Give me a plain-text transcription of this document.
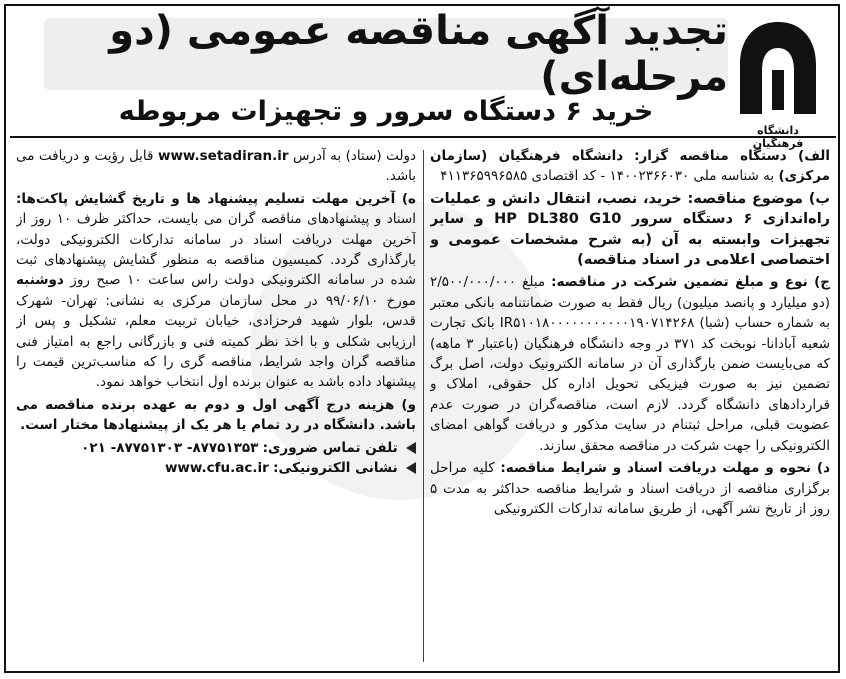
دانشگاه فرهنگیان
تجدید آگهی مناقصه عمومی (دو مرحله‌ای)
خرید ۶ دستگاه سرور و تجهیزات مربوطه

الف) دستگاه مناقصه گزار: دانشگاه فرهنگیان (سازمان مرکزی) به شناسه ملی ۱۴۰۰۲۳۶۶۰۳۰ - کد اقتصادی ۴۱۱۳۶۵۹۹۶۵۸۵

ب) موضوع مناقصه: خرید، نصب، انتقال دانش و عملیات راه‌اندازی ۶ دستگاه سرور HP DL380 G10 و سایر تجهیزات وابسته به آن (به شرح مشخصات عمومی و اختصاصی اعلامی در اسناد مناقصه)

ج) نوع و مبلغ تضمین شرکت در مناقصه: مبلغ ۲/۵۰۰/۰۰۰/۰۰۰ (دو میلیارد و پانصد میلیون) ریال فقط به صورت ضمانتنامه بانکی معتبر به شماره حساب (شبا) IR۵۱۰۱۸۰۰۰۰۰۰۰۰۰۰۰۱۹۰۷۱۴۲۶۸ بانک تجارت شعبه آبادانا- نوبخت کد ۳۷۱ در وجه دانشگاه فرهنگیان (باعتبار ۳ ماهه) که می‌بایست ضمن بارگذاری آن در سامانه الکترونیک دولت، اصل برگ تضمین نیز به صورت فیزیکی تحویل اداره کل حقوقی، املاک و قراردادهای دانشگاه گردد. لازم است، مناقصه‌گران در صورت عدم عضویت قبلی، مراحل ثبتنام در سایت مذکور و دریافت گواهی امضای الکترونیکی را جهت شرکت در مناقصه محقق سازند.

د) نحوه و مهلت دریافت اسناد و شرایط مناقصه: کلیه مراحل برگزاری مناقصه از دریافت اسناد و شرایط مناقصه حداکثر به مدت ۵ روز از تاریخ نشر آگهی، از طریق سامانه تدارکات الکترونیکی

دولت (ستاد) به آدرس www.setadiran.ir قابل رؤیت و دریافت می باشد.

ه) آخرین مهلت تسلیم پیشنهاد ها و تاریخ گشایش پاکت‌ها: اسناد و پیشنهادهای مناقصه گران می بایست، حداکثر ظرف ۱۰ روز از آخرین مهلت دریافت اسناد در سامانه تدارکات الکترونیکی دولت، بارگذاری گردد. کمیسیون مناقصه به منظور گشایش پیشنهادهای ثبت شده در سامانه الکترونیکی دولت راس ساعت ۱۰ صبح روز دوشنبه مورخ ۹۹/۰۶/۱۰ در محل سازمان مرکزی به نشانی: تهران- شهرک قدس، بلوار شهید فرحزادی، خیابان تربیت معلم، تشکیل و پس از ارزیابی شکلی و با اخذ نظر کمیته فنی و بازرگانی راجع به امتیاز فنی مناقصه گران واجد شرایط، مناقصه گری را که مناسب‌ترین قیمت را پیشنهاد داده باشد به عنوان برنده اول انتخاب خواهد نمود.

و) هزینه درج آگهی اول و دوم به عهده برنده مناقصه می باشد. دانشگاه در رد تمام یا هر یک از پیشنهادها مختار است.

تلفن تماس ضروری: ۸۷۷۵۱۳۵۳- ۸۷۷۵۱۳۰۳- ۰۲۱
نشانی الکترونیکی: www.cfu.ac.ir
